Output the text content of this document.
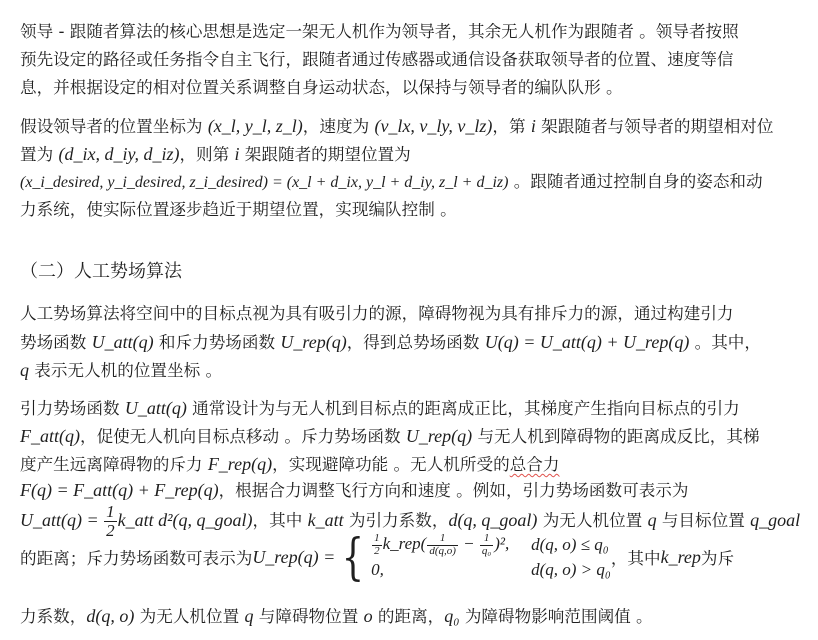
领导 - 跟随者算法的核心思想是选定一架无人机作为领导者，其余无人机作为跟随者 。领导者按照
预先设定的路径或任务指令自主飞行，跟随者通过传感器或通信设备获取领导者的位置、速度等信
息，并根据设定的相对位置关系调整自身运动状态，以保持与领导者的编队队形 。
假设领导者的位置坐标为 (x_l, y_l, z_l)，速度为 (v_lx, v_ly, v_lz)，第 i 架跟随者与领导者的期望相对位
置为 (d_ix, d_iy, d_iz)，则第 i 架跟随者的期望位置为
(x_i_desired, y_i_desired, z_i_desired) = (x_l + d_ix, y_l + d_iy, z_l + d_iz) 。跟随者通过控制自身的姿态和动
力系统，使实际位置逐步趋近于期望位置，实现编队控制 。
（二）人工势场算法
人工势场算法将空间中的目标点视为具有吸引力的源，障碍物视为具有排斥力的源，通过构建引力
势场函数 U_att(q) 和斥力势场函数 U_rep(q)，得到总势场函数 U(q) = U_att(q) + U_rep(q) 。其中，
q 表示无人机的位置坐标 。
引力势场函数 U_att(q) 通常设计为与无人机到目标点的距离成正比，其梯度产生指向目标点的引力
F_att(q)，促使无人机向目标点移动 。斥力势场函数 U_rep(q) 与无人机到障碍物的距离成反比，其梯
度产生远离障碍物的斥力 F_rep(q)，实现避障功能 。无人机所受的总合力
F(q) = F_att(q) + F_rep(q)，根据合力调整飞行方向和速度 。例如，引力势场函数可表示为
U_att(q) = $\frac{1}{2}$ k_att d²(q, q_goal)，其中 k_att 为引力系数，d(q, q_goal) 为无人机位置 q 与目标位置 q_goal
的距离；斥力势场函数可表示为 U_rep(q) = { $\frac{1}{2}$ k_rep( $\frac{1}{d(q,o)} - \frac{1}{\text{q₀}} )^2$,	d(q, o) ≤ q₀
0,	d(q, o) > q₀
，其中 k_rep 为斥
力系数，d(q, o) 为无人机位置 q 与障碍物位置 o 的距离，q₀ 为障碍物影响范围阈值 。
